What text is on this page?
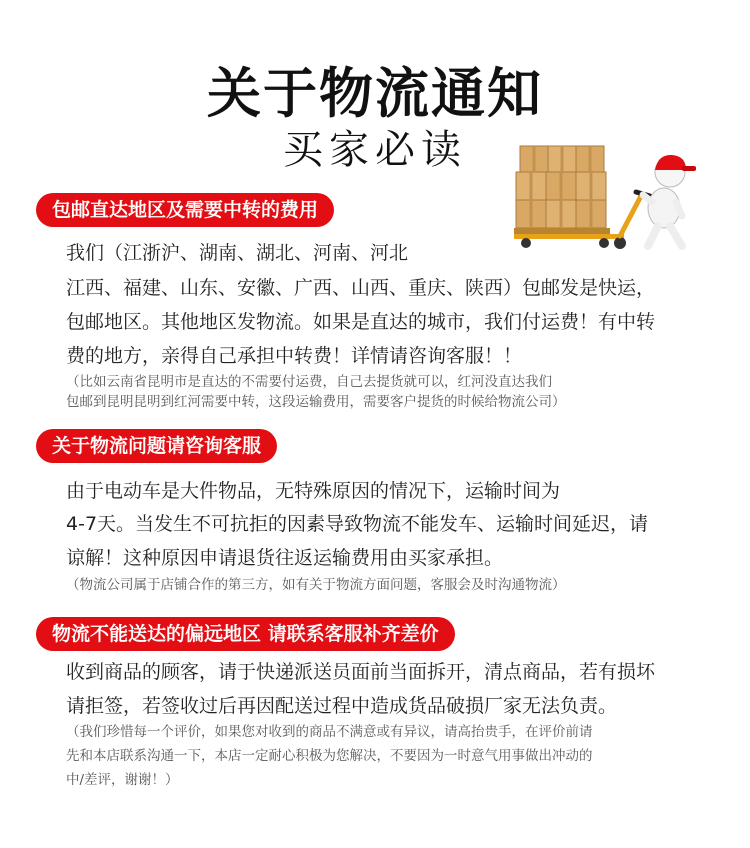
关于物流通知
买家必读
包邮直达地区及需要中转的费用
我们（江浙沪、湖南、湖北、河南、河北
江西、福建、山东、安徽、广西、山西、重庆、陕西）包邮发是快运，
包邮地区。其他地区发物流。如果是直达的城市，我们付运费！有中转
费的地方，亲得自己承担中转费！详情请咨询客服！！
（比如云南省昆明市是直达的不需要付运费，自己去提货就可以，红河没直达我们
包邮到昆明昆明到红河需要中转，这段运输费用，需要客户提货的时候给物流公司）
关于物流问题请咨询客服
由于电动车是大件物品，无特殊原因的情况下，运输时间为
4-7天。当发生不可抗拒的因素导致物流不能发车、运输时间延迟，请
谅解！这种原因申请退货往返运输费用由买家承担。
（物流公司属于店铺合作的第三方，如有关于物流方面问题，客服会及时沟通物流）
物流不能送达的偏远地区 请联系客服补齐差价
收到商品的顾客，请于快递派送员面前当面拆开，清点商品，若有损坏
请拒签，若签收过后再因配送过程中造成货品破损厂家无法负责。
（我们珍惜每一个评价，如果您对收到的商品不满意或有异议，请高抬贵手，在评价前请
先和本店联系沟通一下，本店一定耐心积极为您解决，不要因为一时意气用事做出冲动的
中/差评，谢谢！）
